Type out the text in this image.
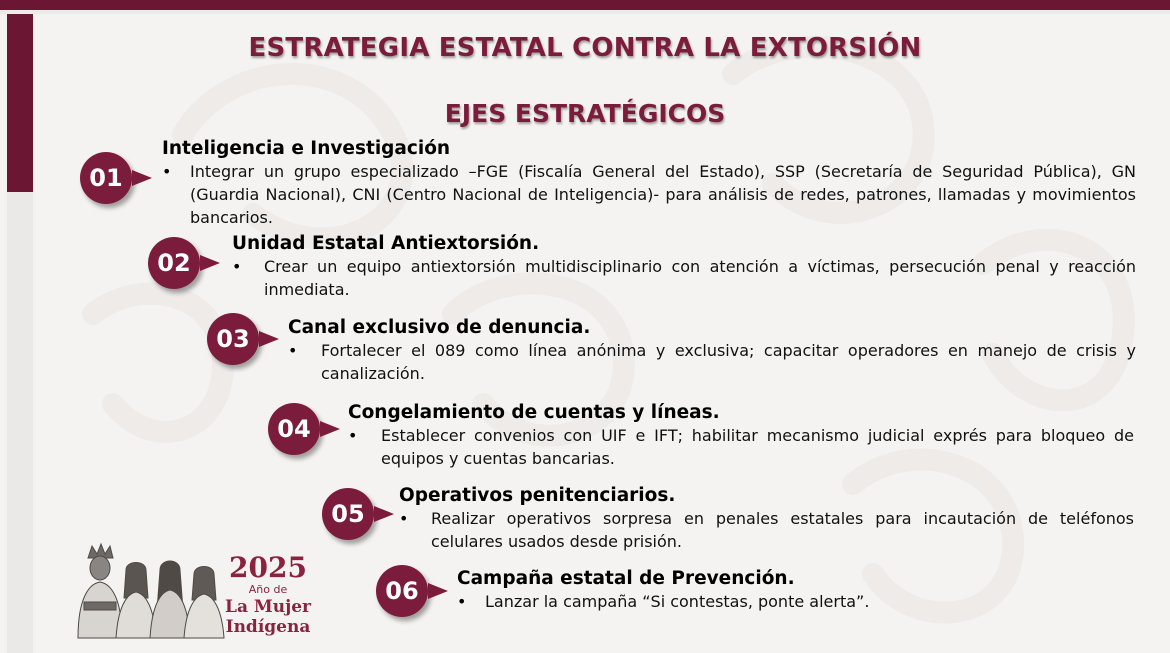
ESTRATEGIA ESTATAL CONTRA LA EXTORSIÓN
EJES ESTRATÉGICOS
01

Inteligencia e Investigación

• Integrar un grupo especializado –FGE (Fiscalía General del Estado), SSP (Secretaría de Seguridad Pública), GN (Guardia Nacional), CNI (Centro Nacional de Inteligencia)- para análisis de redes, patrones, llamadas y movimientos bancarios.

02

Unidad Estatal Antiextorsión.

• Crear un equipo antiextorsión multidisciplinario con atención a víctimas, persecución penal y reacción inmediata.

03 Canal exclusivo de denuncia.

• Fortalecer el 089 como línea anónima y exclusiva; capacitar operadores en manejo de crisis y canalización.

04

Congelamiento de cuentas y líneas.

• Establecer convenios con UIF e IFT; habilitar mecanismo judicial exprés para bloqueo de equipos y cuentas bancarias.

05

Operativos penitenciarios.

• Realizar operativos sorpresa en penales estatales para incautación de teléfonos celulares usados desde prisión.

06 Campaña estatal de Prevención.

• Lanzar la campaña “Si contestas, ponte alerta”.

2025
Año de
La Mujer
Indígena
